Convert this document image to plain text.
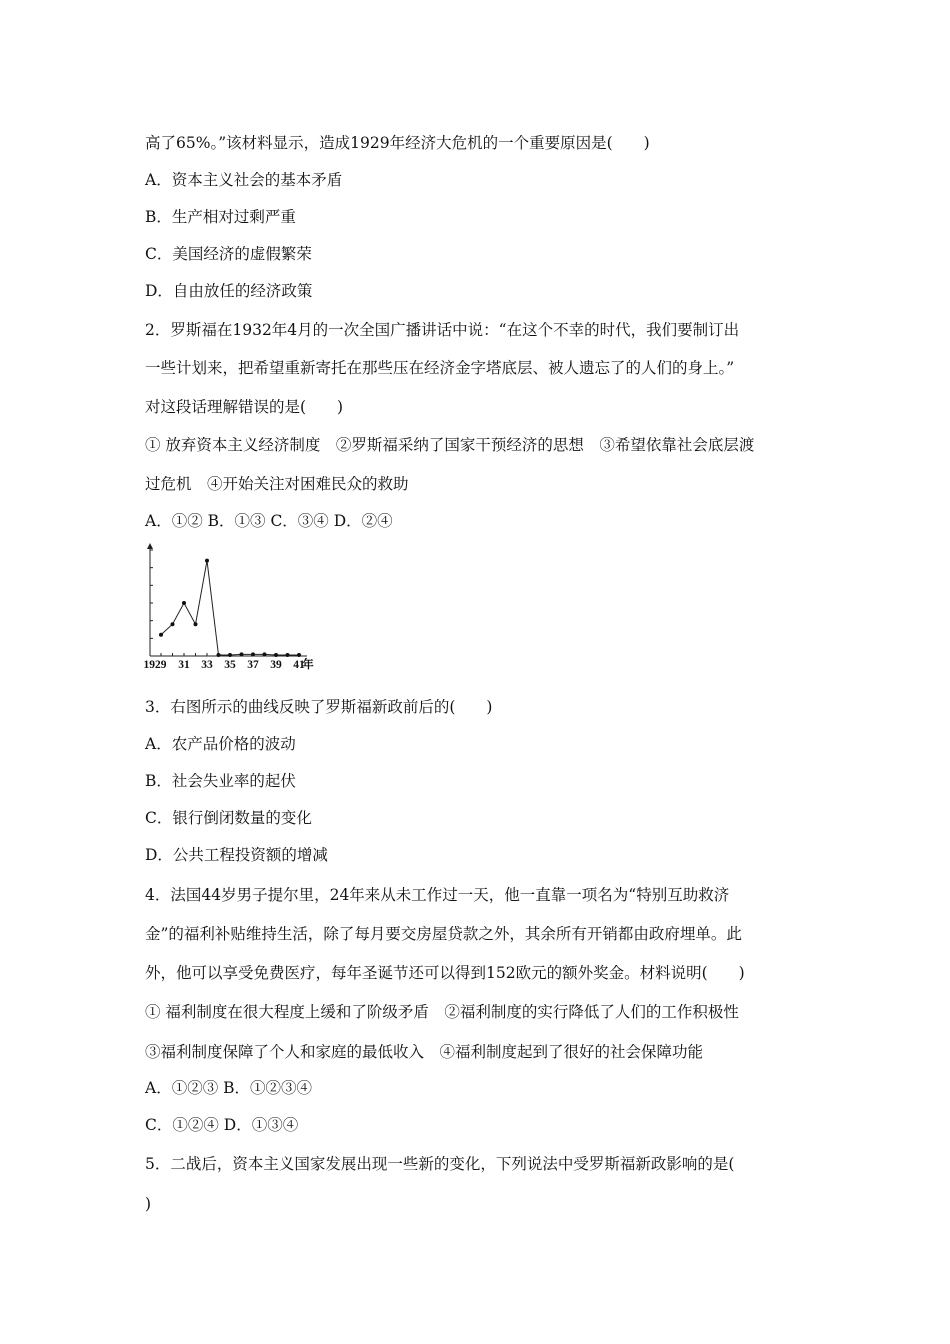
高了65%。”该材料显示，造成1929年经济大危机的一个重要原因是(　　)
A．资本主义社会的基本矛盾
B．生产相对过剩严重
C．美国经济的虚假繁荣
D．自由放任的经济政策
2．罗斯福在1932年4月的一次全国广播讲话中说：“在这个不幸的时代，我们要制订出
一些计划来，把希望重新寄托在那些压在经济金字塔底层、被人遗忘了的人们的身上。”
对这段话理解错误的是(　　)
① 放弃资本主义经济制度　②罗斯福采纳了国家干预经济的思想　③希望依靠社会底层渡
过危机　④开始关注对困难民众的救助
A．①② B．①③ C．③④ D．②④
3．右图所示的曲线反映了罗斯福新政前后的(　　)
A．农产品价格的波动
B．社会失业率的起伏
C．银行倒闭数量的变化
D．公共工程投资额的增减
4．法国44岁男子提尔里，24年来从未工作过一天，他一直靠一项名为“特别互助救济
金”的福利补贴维持生活，除了每月要交房屋贷款之外，其余所有开销都由政府埋单。此
外，他可以享受免费医疗，每年圣诞节还可以得到152欧元的额外奖金。材料说明(　　)
① 福利制度在很大程度上缓和了阶级矛盾　②福利制度的实行降低了人们的工作积极性
③福利制度保障了个人和家庭的最低收入　④福利制度起到了很好的社会保障功能
A．①②③ B．①②③④
C．①②④ D．①③④
5．二战后，资本主义国家发展出现一些新的变化，下列说法中受罗斯福新政影响的是(
)
1929 31 33 35 37 39 41
年
